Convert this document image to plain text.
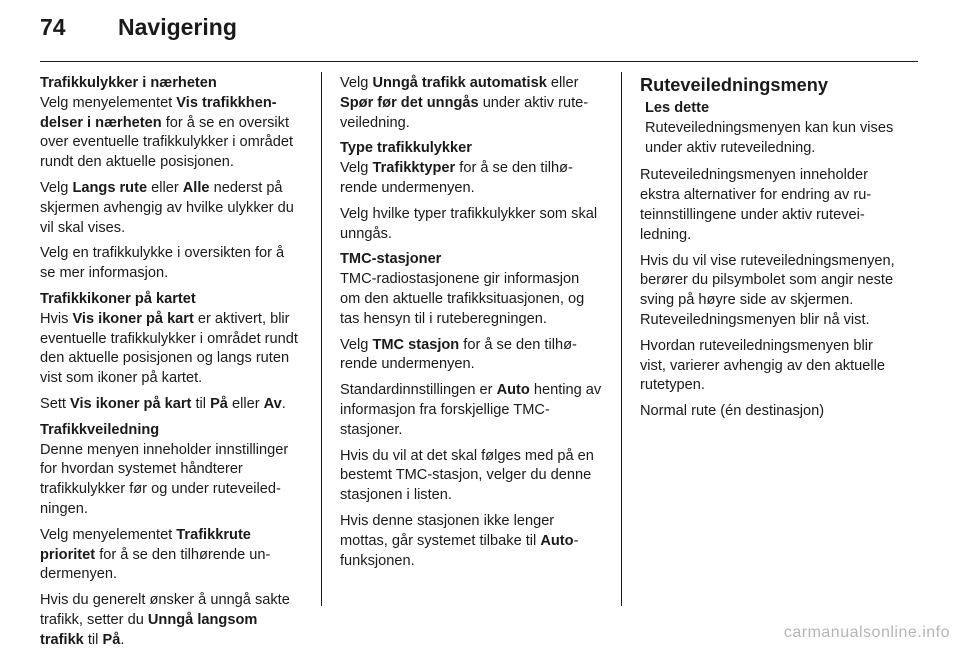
74 Navigering
Trafikkulykker i nærheten

Velg menyelementet Vis trafikkhendelser i nærheten for å se en oversikt over eventuelle trafikkulykker i området rundt den aktuelle posisjonen.

Velg Langs rute eller Alle nederst på skjermen avhengig av hvilke ulykker du vil skal vises.

Velg en trafikkulykke i oversikten for å se mer informasjon.

Trafikkikoner på kartet

Hvis Vis ikoner på kart er aktivert, blir eventuelle trafikkulykker i området rundt den aktuelle posisjonen og langs ruten vist som ikoner på kartet.

Sett Vis ikoner på kart til På eller Av.

Trafikkveiledning

Denne menyen inneholder innstillinger for hvordan systemet håndterer trafikkulykker før og under ruteveiledningen.

Velg menyelementet Trafikkrute prioritet for å se den tilhørende undermenyen.

Hvis du generelt ønsker å unngå sakte trafikk, setter du Unngå langsom trafikk til På.

Velg Unngå trafikk automatisk eller Spør før det unngås under aktiv ruteveiledning.

Type trafikkulykker

Velg Trafikktyper for å se den tilhørende undermenyen.

Velg hvilke typer trafikkulykker som skal unngås.

TMC-stasjoner

TMC-radiostasjonene gir informasjon om den aktuelle trafikksituasjonen, og tas hensyn til i ruteberegningen.

Velg TMC stasjon for å se den tilhørende undermenyen.

Standardinnstillingen er Auto henting av informasjon fra forskjellige TMC-stasjoner.

Hvis du vil at det skal følges med på en bestemt TMC-stasjon, velger du denne stasjonen i listen.

Hvis denne stasjonen ikke lenger mottas, går systemet tilbake til Auto-funksjonen.

Ruteveiledningsmeny
Les dette
Ruteveiledningsmenyen kan kun vises under aktiv ruteveiledning.

Ruteveiledningsmenyen inneholder ekstra alternativer for endring av ruteinnstillingene under aktiv ruteveiledning.

Hvis du vil vise ruteveiledningsmenyen, berører du pilsymbolet som angir neste sving på høyre side av skjermen. Ruteveiledningsmenyen blir nå vist.

Hvordan ruteveiledningsmenyen blir vist, varierer avhengig av den aktuelle rutetypen.

Normal rute (én destinasjon)

carmanualsonline.info
